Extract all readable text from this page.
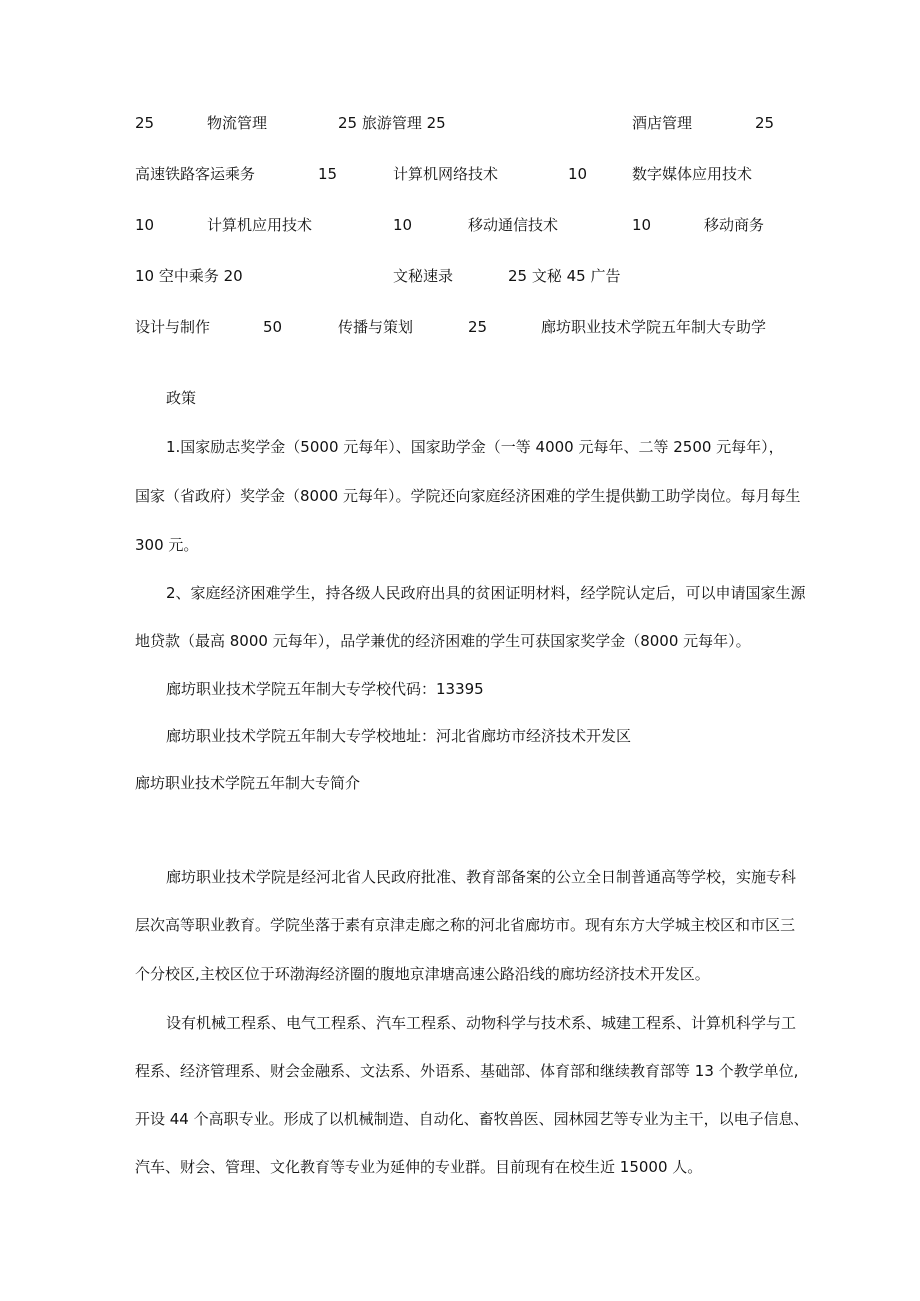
25	物流管理	25 旅游管理 25	酒店管理	25
高速铁路客运乘务	15	计算机网络技术	10	数字媒体应用技术
10	计算机应用技术	10	移动通信技术	10	移动商务
10 空中乘务 20	文秘速录	25 文秘 45 广告
设计与制作	50	传播与策划	25	廊坊职业技术学院五年制大专助学
政策
1.国家励志奖学金（5000 元每年）、国家助学金（一等 4000 元每年、二等 2500 元每年），
国家（省政府）奖学金（8000 元每年）。学院还向家庭经济困难的学生提供勤工助学岗位。每月每生
300 元。
2、家庭经济困难学生，持各级人民政府出具的贫困证明材料，经学院认定后，可以申请国家生源
地贷款（最高 8000 元每年），品学兼优的经济困难的学生可获国家奖学金（8000 元每年）。
廊坊职业技术学院五年制大专学校代码：13395
廊坊职业技术学院五年制大专学校地址：河北省廊坊市经济技术开发区
廊坊职业技术学院五年制大专简介
廊坊职业技术学院是经河北省人民政府批准、教育部备案的公立全日制普通高等学校，实施专科
层次高等职业教育。学院坐落于素有京津走廊之称的河北省廊坊市。现有东方大学城主校区和市区三
个分校区,主校区位于环渤海经济圈的腹地京津塘高速公路沿线的廊坊经济技术开发区。
设有机械工程系、电气工程系、汽车工程系、动物科学与技术系、城建工程系、计算机科学与工
程系、经济管理系、财会金融系、文法系、外语系、基础部、体育部和继续教育部等 13 个教学单位,
开设 44 个高职专业。形成了以机械制造、自动化、畜牧兽医、园林园艺等专业为主干，以电子信息、
汽车、财会、管理、文化教育等专业为延伸的专业群。目前现有在校生近 15000 人。
